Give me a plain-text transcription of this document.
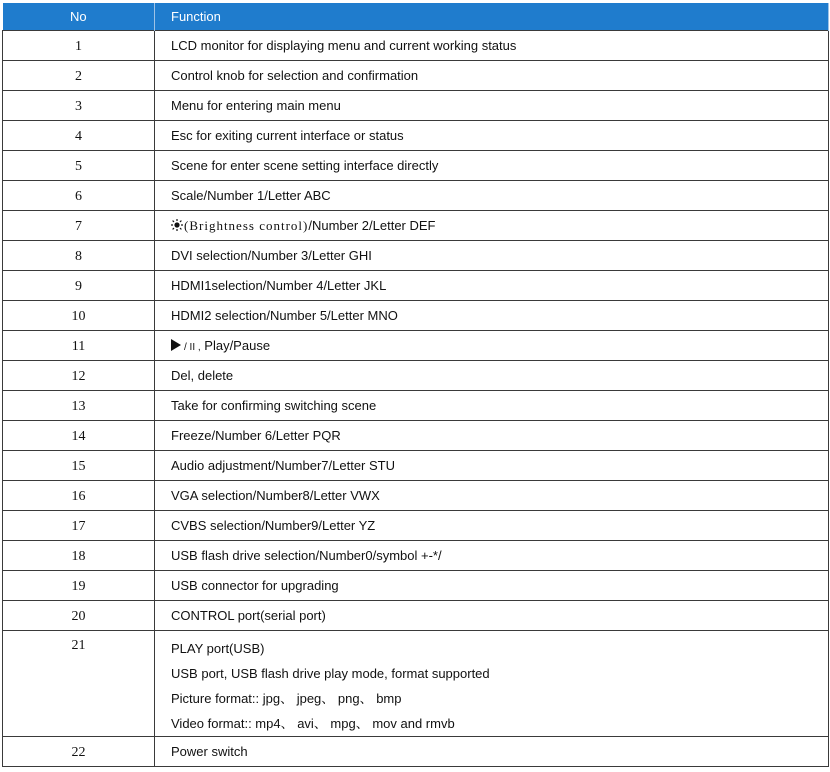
No	Function
1	LCD monitor for displaying menu and current working status
2	Control knob for selection and confirmation
3	Menu for entering main menu
4	Esc for exiting current interface or status
5	Scene for enter scene setting interface directly
6	Scale/Number 1/Letter ABC
7	(Brightness control)/Number 2/Letter DEF
8	DVI selection/Number 3/Letter GHI
9	HDMI1selection/Number 4/Letter JKL
10	HDMI2 selection/Number 5/Letter MNO
11	/ II , Play/Pause
12	Del, delete
13	Take for confirming switching scene
14	Freeze/Number 6/Letter PQR
15	Audio adjustment/Number7/Letter STU
16	VGA selection/Number8/Letter VWX
17	CVBS selection/Number9/Letter YZ
18	USB flash drive selection/Number0/symbol +-*/
19	USB connector for upgrading
20	CONTROL port(serial port)
21	PLAY port(USB)
USB port, USB flash drive play mode, format supported
Picture format:: jpg、 jpeg、 png、 bmp
Video format:: mp4、 avi、 mpg、 mov and rmvb

22	Power switch
